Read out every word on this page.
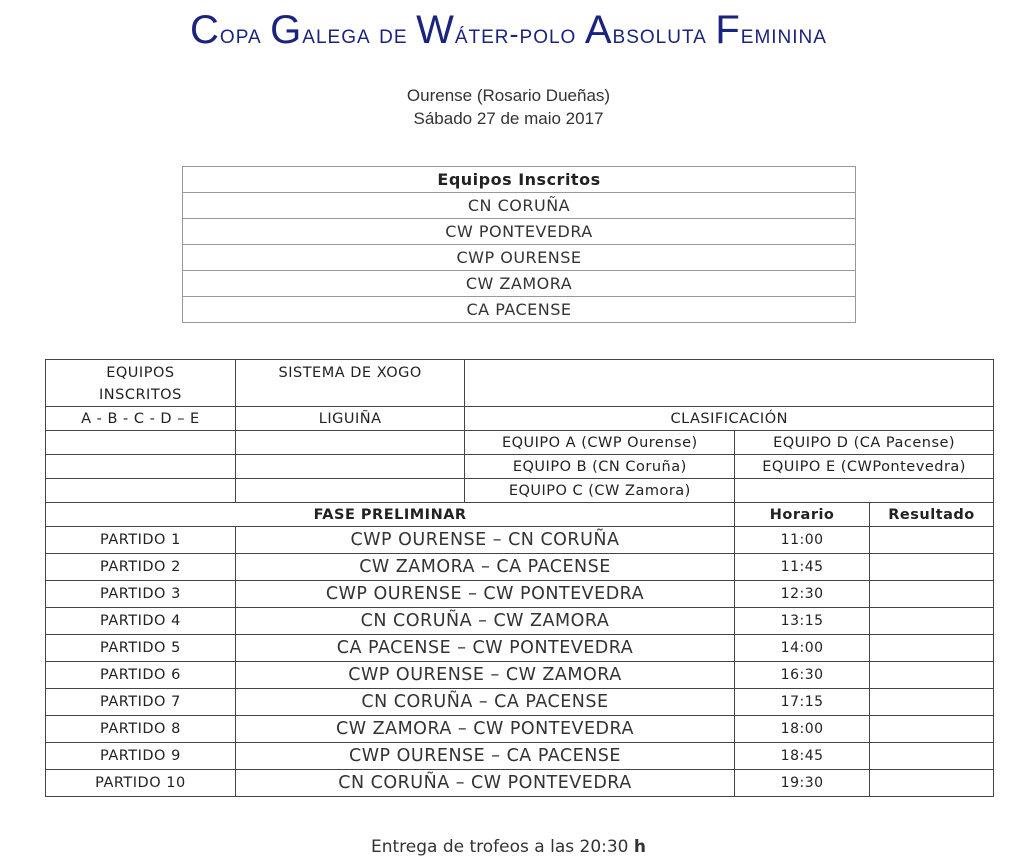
Copa Galega de Wáter-polo Absoluta Feminina
Ourense (Rosario Dueñas)
Sábado 27 de maio 2017
Equipos Inscritos
CN CORUÑA
CW PONTEVEDRA
CWP OURENSE
CW ZAMORA
CA PACENSE
EQUIPOS INSCRITOS	SISTEMA DE XOGO			
A - B - C - D – E	LIGUIÑA	CLASIFICACIÓN		
		EQUIPO A (CWP Ourense)	EQUIPO D (CA Pacense)	
		EQUIPO B (CN Coruña)	EQUIPO E (CWPontevedra)	
		EQUIPO C (CW Zamora)		
FASE PRELIMINAR			Horario	Resultado
PARTIDO 1	CWP OURENSE – CN CORUÑA		11:00	
PARTIDO 2	CW ZAMORA – CA PACENSE		11:45	
PARTIDO 3	CWP OURENSE – CW PONTEVEDRA		12:30	
PARTIDO 4	CN CORUÑA – CW ZAMORA		13:15	
PARTIDO 5	CA PACENSE – CW PONTEVEDRA		14:00	
PARTIDO 6	CWP OURENSE – CW ZAMORA		16:30	
PARTIDO 7	CN CORUÑA – CA PACENSE		17:15	
PARTIDO 8	CW ZAMORA – CW PONTEVEDRA		18:00	
PARTIDO 9	CWP OURENSE – CA PACENSE		18:45	
PARTIDO 10	CN CORUÑA – CW PONTEVEDRA		19:30	
Entrega de trofeos a las 20:30 h
